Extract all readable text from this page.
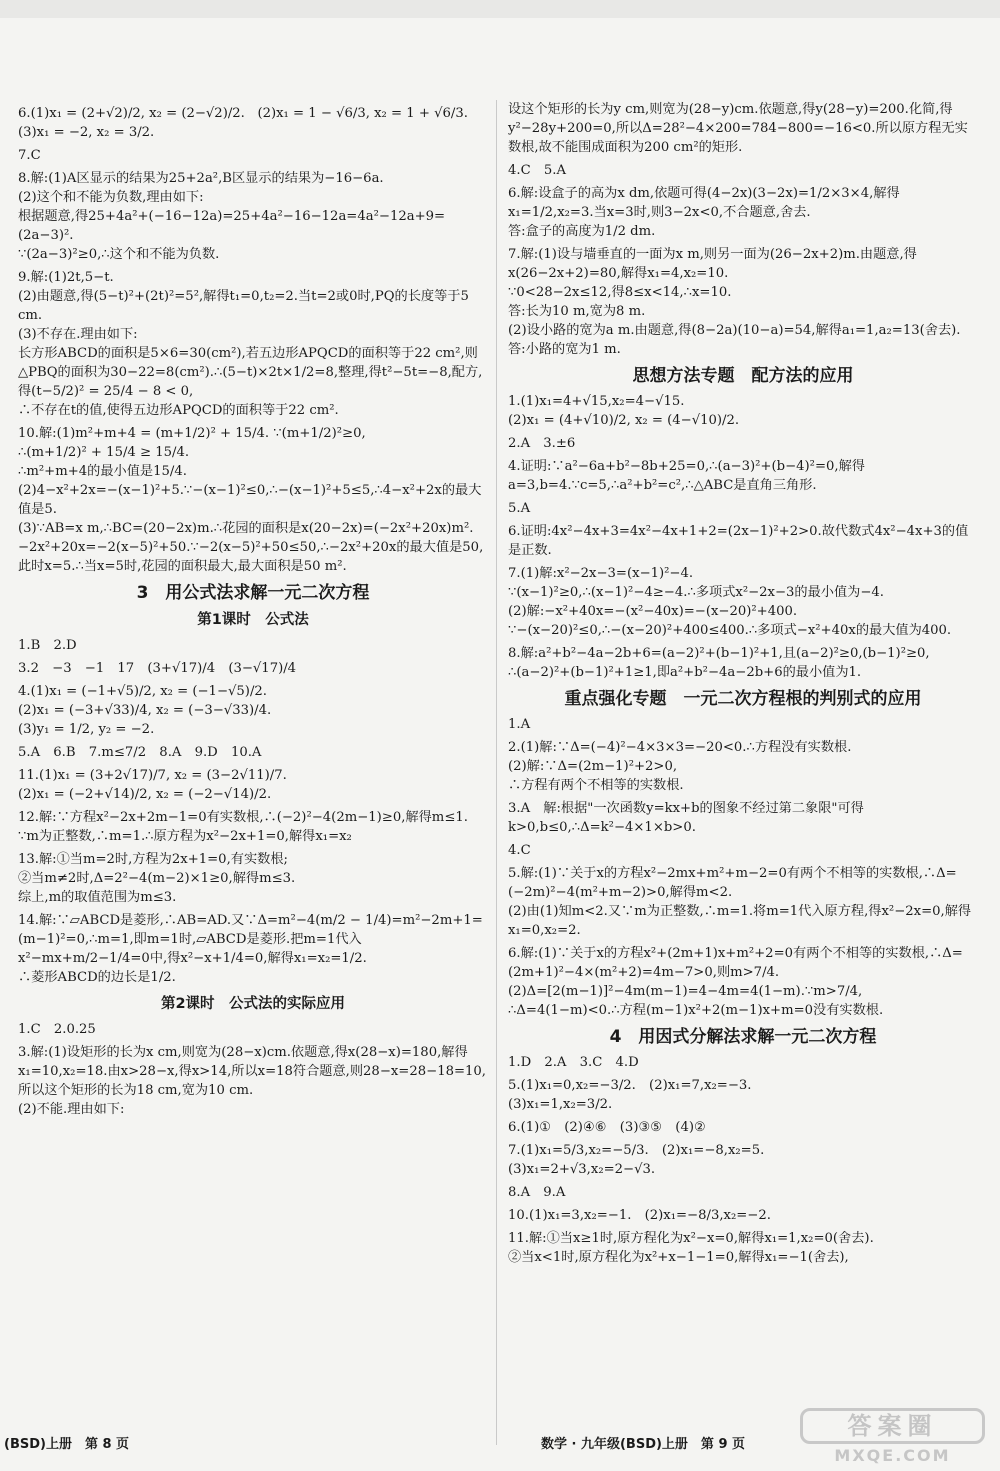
6.(1)x₁ = (2+√2)/2, x₂ = (2−√2)/2.   (2)x₁ = 1 − √6/3, x₂ = 1 + √6/3.

(3)x₁ = −2, x₂ = 3/2.

7.C

8.解:(1)A区显示的结果为25+2a²,B区显示的结果为−16−6a.

(2)这个和不能为负数,理由如下:

根据题意,得25+4a²+(−16−12a)=25+4a²−16−12a=4a²−12a+9=(2a−3)².

∵(2a−3)²≥0,∴这个和不能为负数.

9.解:(1)2t,5−t.

(2)由题意,得(5−t)²+(2t)²=5²,解得t₁=0,t₂=2.当t=2或0时,PQ的长度等于5 cm.

(3)不存在.理由如下:

长方形ABCD的面积是5×6=30(cm²),若五边形APQCD的面积等于22 cm²,则△PBQ的面积为30−22=8(cm²).∴(5−t)×2t×1/2=8,整理,得t²−5t=−8,配方,得(t−5/2)² = 25/4 − 8 < 0,

∴不存在t的值,使得五边形APQCD的面积等于22 cm².

10.解:(1)m²+m+4 = (m+1/2)² + 15/4. ∵(m+1/2)²≥0,

∴(m+1/2)² + 15/4 ≥ 15/4.

∴m²+m+4的最小值是15/4.

(2)4−x²+2x=−(x−1)²+5.∵−(x−1)²≤0,∴−(x−1)²+5≤5,∴4−x²+2x的最大值是5.

(3)∵AB=x m,∴BC=(20−2x)m.∴花园的面积是x(20−2x)=(−2x²+20x)m².−2x²+20x=−2(x−5)²+50.∵−2(x−5)²+50≤50,∴−2x²+20x的最大值是50,此时x=5.∴当x=5时,花园的面积最大,最大面积是50 m².

3　用公式法求解一元二次方程

第1课时　公式法

1.B　2.D

3.2　−3　−1　17　(3+√17)/4　(3−√17)/4

4.(1)x₁ = (−1+√5)/2, x₂ = (−1−√5)/2.

(2)x₁ = (−3+√33)/4, x₂ = (−3−√33)/4.

(3)y₁ = 1/2, y₂ = −2.

5.A　6.B　7.m≤7/2　8.A　9.D　10.A

11.(1)x₁ = (3+2√17)/7, x₂ = (3−2√11)/7.

(2)x₁ = (−2+√14)/2, x₂ = (−2−√14)/2.

12.解:∵方程x²−2x+2m−1=0有实数根,∴(−2)²−4(2m−1)≥0,解得m≤1.

∵m为正整数,∴m=1.∴原方程为x²−2x+1=0,解得x₁=x₂

13.解:①当m=2时,方程为2x+1=0,有实数根;

②当m≠2时,Δ=2²−4(m−2)×1≥0,解得m≤3.

综上,m的取值范围为m≤3.

14.解:∵▱ABCD是菱形,∴AB=AD.又∵Δ=m²−4(m/2 − 1/4)=m²−2m+1=(m−1)²=0,∴m=1,即m=1时,▱ABCD是菱形.把m=1代入x²−mx+m/2−1/4=0中,得x²−x+1/4=0,解得x₁=x₂=1/2.

∴菱形ABCD的边长是1/2.

第2课时　公式法的实际应用

1.C　2.0.25

3.解:(1)设矩形的长为x cm,则宽为(28−x)cm.依题意,得x(28−x)=180,解得x₁=10,x₂=18.由x>28−x,得x>14,所以x=18符合题意,则28−x=28−18=10,所以这个矩形的长为18 cm,宽为10 cm.

(2)不能.理由如下:

设这个矩形的长为y cm,则宽为(28−y)cm.依题意,得y(28−y)=200.化简,得y²−28y+200=0,所以Δ=28²−4×200=784−800=−16<0.所以原方程无实数根,故不能围成面积为200 cm²的矩形.

4.C　5.A

6.解:设盒子的高为x dm,依题可得(4−2x)(3−2x)=1/2×3×4,解得x₁=1/2,x₂=3.当x=3时,则3−2x<0,不合题意,舍去.

答:盒子的高度为1/2 dm.

7.解:(1)设与墙垂直的一面为x m,则另一面为(26−2x+2)m.由题意,得x(26−2x+2)=80,解得x₁=4,x₂=10.

∵0<28−2x≤12,得8≤x<14,∴x=10.

答:长为10 m,宽为8 m.

(2)设小路的宽为a m.由题意,得(8−2a)(10−a)=54,解得a₁=1,a₂=13(舍去).

答:小路的宽为1 m.

思想方法专题　配方法的应用

1.(1)x₁=4+√15,x₂=4−√15.

(2)x₁ = (4+√10)/2, x₂ = (4−√10)/2.

2.A　3.±6

4.证明:∵a²−6a+b²−8b+25=0,∴(a−3)²+(b−4)²=0,解得a=3,b=4.∵c=5,∴a²+b²=c²,∴△ABC是直角三角形.

5.A

6.证明:4x²−4x+3=4x²−4x+1+2=(2x−1)²+2>0.故代数式4x²−4x+3的值是正数.

7.(1)解:x²−2x−3=(x−1)²−4.

∵(x−1)²≥0,∴(x−1)²−4≥−4.∴多项式x²−2x−3的最小值为−4.

(2)解:−x²+40x=−(x²−40x)=−(x−20)²+400.

∵−(x−20)²≤0,∴−(x−20)²+400≤400.∴多项式−x²+40x的最大值为400.

8.解:a²+b²−4a−2b+6=(a−2)²+(b−1)²+1,且(a−2)²≥0,(b−1)²≥0,

∴(a−2)²+(b−1)²+1≥1,即a²+b²−4a−2b+6的最小值为1.

重点强化专题　一元二次方程根的判别式的应用

1.A

2.(1)解:∵Δ=(−4)²−4×3×3=−20<0.∴方程没有实数根.

(2)解:∵Δ=(2m−1)²+2>0,

∴方程有两个不相等的实数根.

3.A　解:根据"一次函数y=kx+b的图象不经过第二象限"可得k>0,b≤0,∴Δ=k²−4×1×b>0.

4.C

5.解:(1)∵关于x的方程x²−2mx+m²+m−2=0有两个不相等的实数根,∴Δ=(−2m)²−4(m²+m−2)>0,解得m<2.

(2)由(1)知m<2.又∵m为正整数,∴m=1.将m=1代入原方程,得x²−2x=0,解得x₁=0,x₂=2.

6.解:(1)∵关于x的方程x²+(2m+1)x+m²+2=0有两个不相等的实数根,∴Δ=(2m+1)²−4×(m²+2)=4m−7>0,则m>7/4.

(2)Δ=[2(m−1)]²−4m(m−1)=4−4m=4(1−m).∵m>7/4,

∴Δ=4(1−m)<0.∴方程(m−1)x²+2(m−1)x+m=0没有实数根.

4　用因式分解法求解一元二次方程

1.D　2.A　3.C　4.D

5.(1)x₁=0,x₂=−3/2.　(2)x₁=7,x₂=−3.

(3)x₁=1,x₂=3/2.

6.(1)①　(2)④⑥　(3)③⑤　(4)②

7.(1)x₁=5/3,x₂=−5/3.　(2)x₁=−8,x₂=5.

(3)x₁=2+√3,x₂=2−√3.

8.A　9.A

10.(1)x₁=3,x₂=−1.　(2)x₁=−8/3,x₂=−2.

11.解:①当x≥1时,原方程化为x²−x=0,解得x₁=1,x₂=0(舍去).

②当x<1时,原方程化为x²+x−1−1=0,解得x₁=−1(舍去),

(BSD)上册　第 8 页	数学 · 九年级(BSD)上册　第 9 页
答案圈
MXQE.COM
